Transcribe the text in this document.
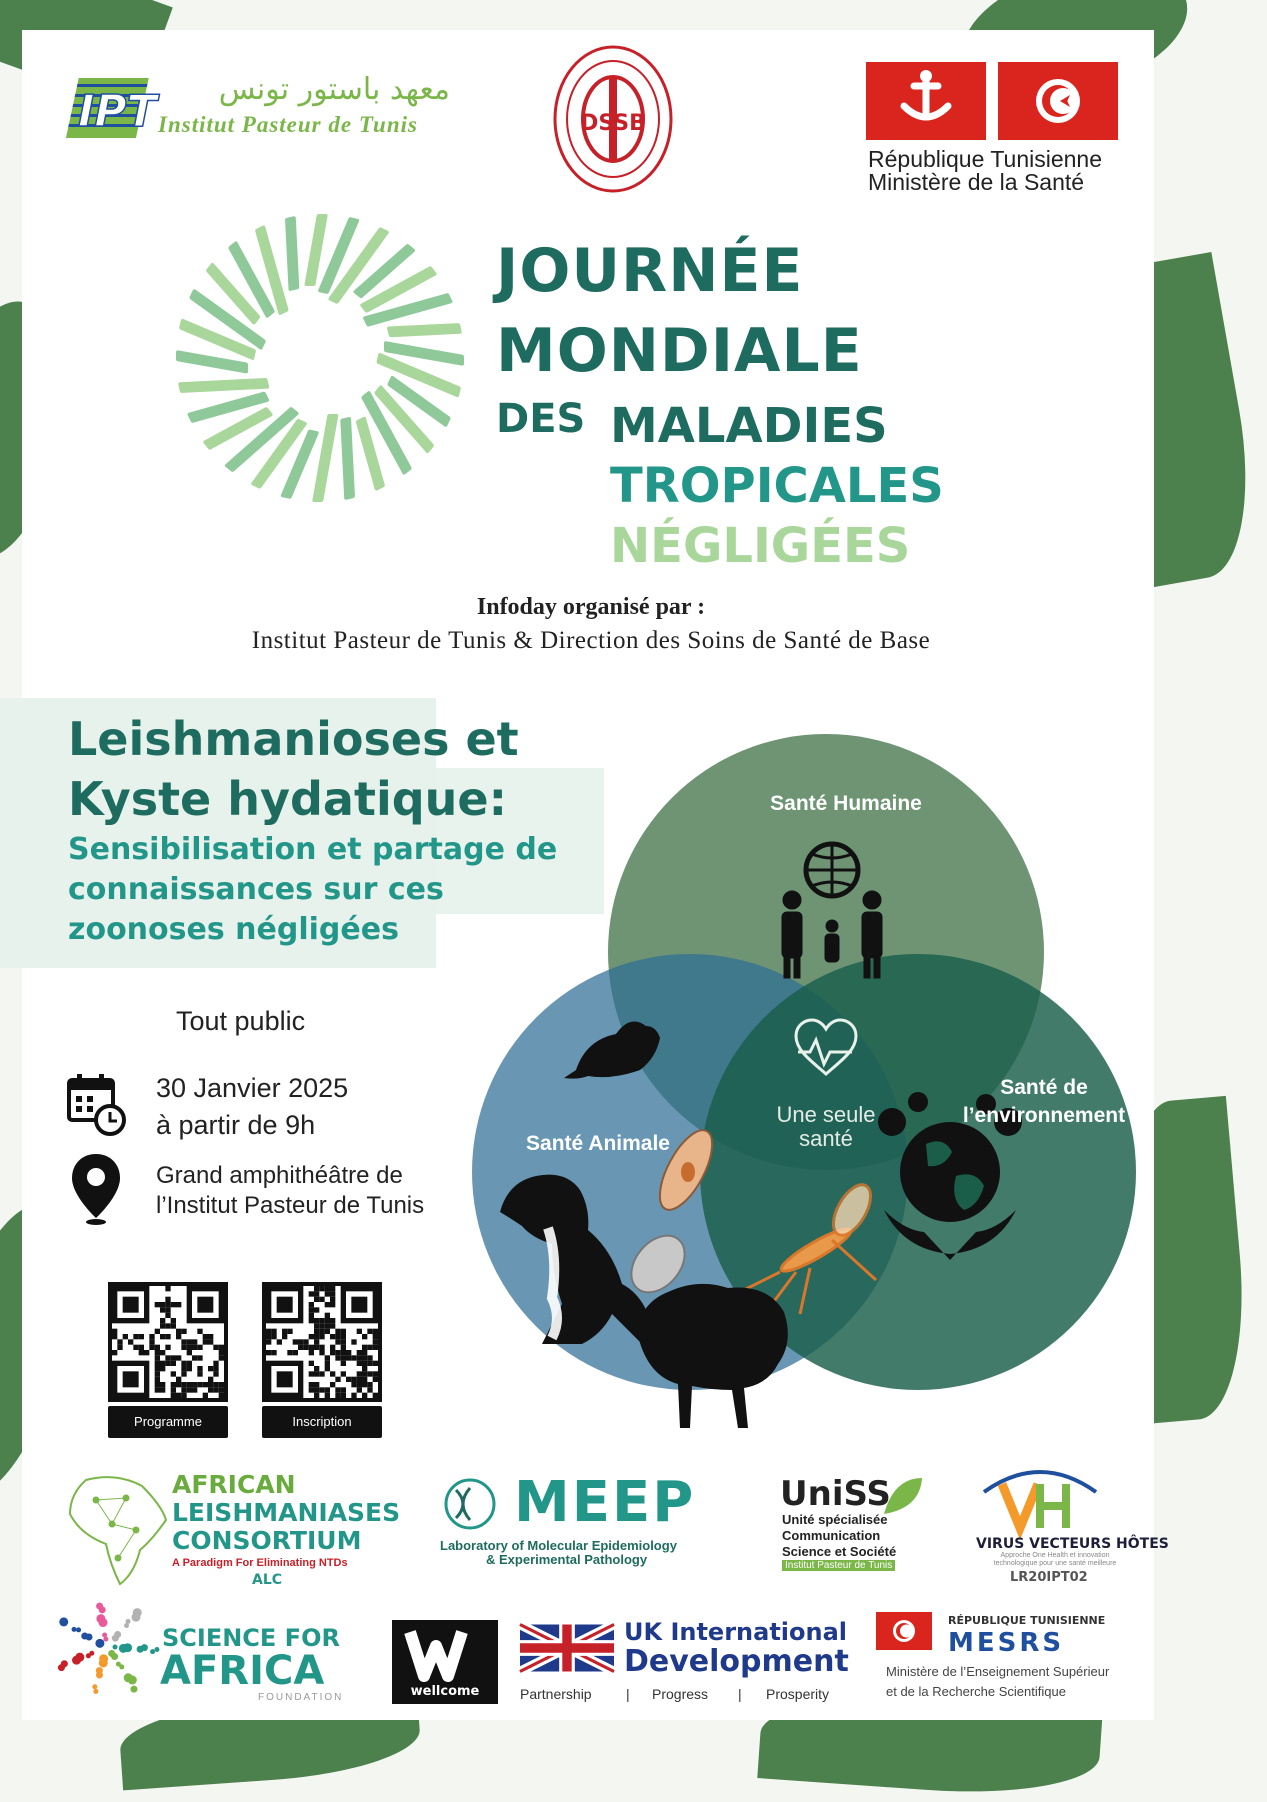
IPT	معهد باستور تونس
Institut Pasteur de Tunis	DSSB
République Tunisienne
Ministère de la Santé
JOURNÉE
MONDIALE
DES MALADIES
TROPICALES
NÉGLIGÉES
Infoday organisé par :
Institut Pasteur de Tunis & Direction des Soins de Santé de Base
Leishmanioses et
Kyste hydatique:
Sensibilisation et partage de
connaissances sur ces
zoonoses négligées
Tout public
30 Janvier 2025
à partir de 9h
Grand amphithéâtre de
l’Institut Pasteur de Tunis
Programme	Inscription
Santé Humaine
Santé Animale
Santé de
l’environnement
Une seule
santé
AFRICAN
LEISHMANIASES
CONSORTIUM
A Paradigm For Eliminating NTDs
ALC
MEEP
Laboratory of Molecular Epidemiology
& Experimental Pathology
UniSS
Unité spécialisée
Communication
Science et Société
Institut Pasteur de Tunis
VIRUS VECTEURS HÔTES
Approche One Health et innovation
technologique pour une santé meilleure
LR20IPT02
SCIENCE FOR
AFRICA
FOUNDATION	wellcome
UK International
Development
Partnership | Progress | Prosperity
RÉPUBLIQUE TUNISIENNE
MESRS
Ministère de l’Enseignement Supérieur
et de la Recherche Scientifique
